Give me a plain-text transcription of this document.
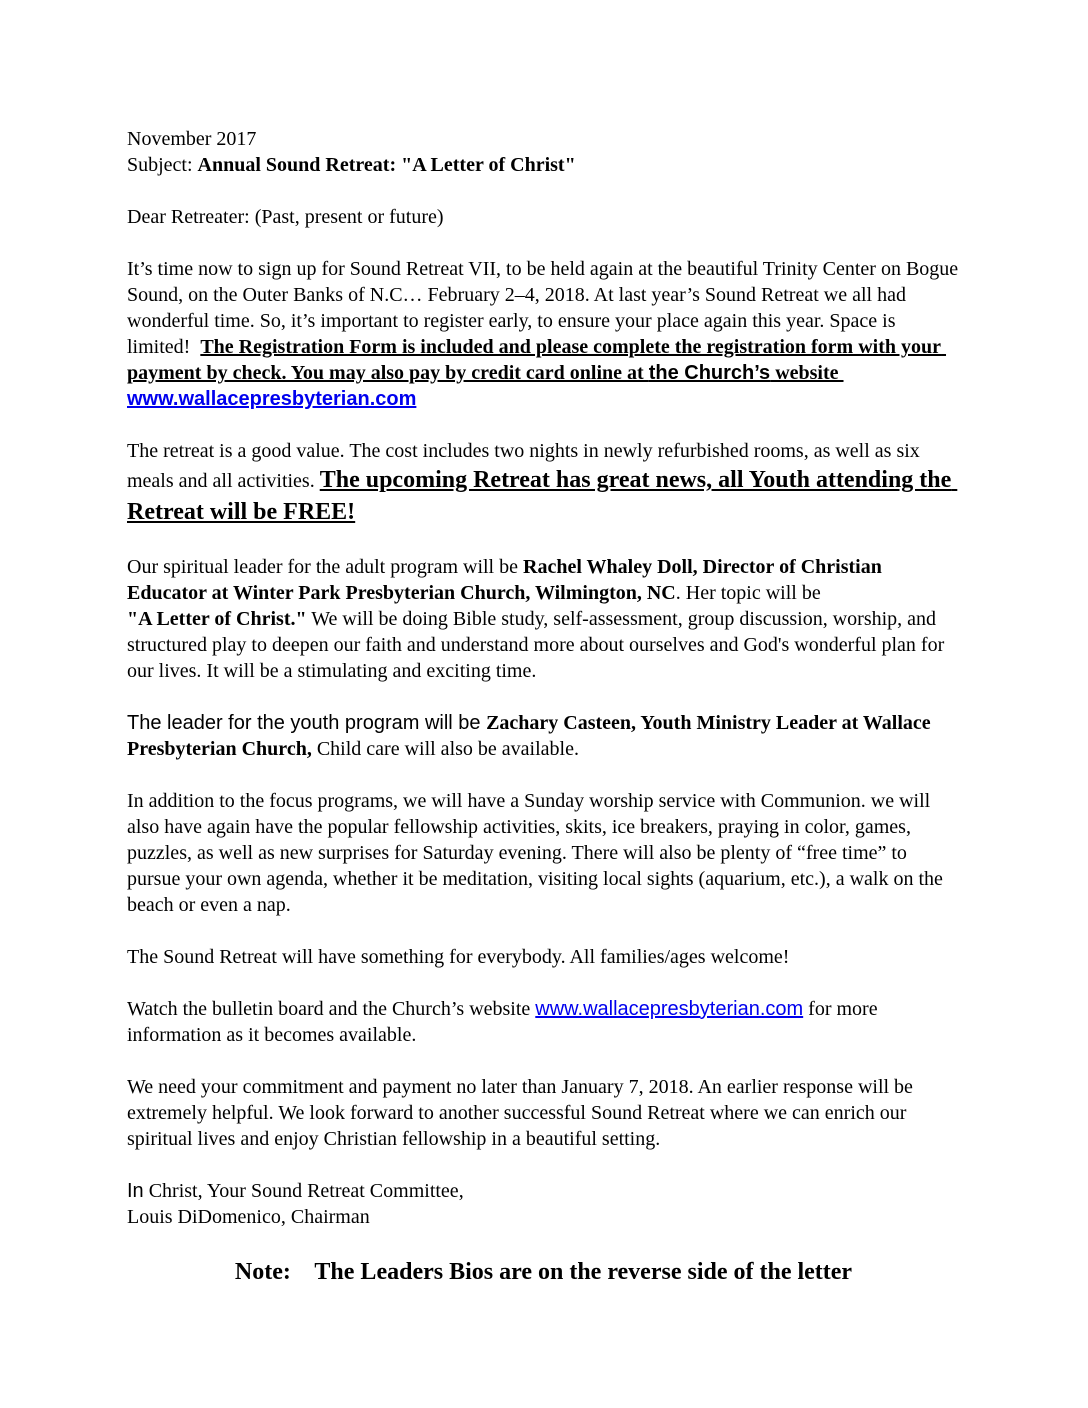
November 2017
Subject: Annual Sound Retreat: "A Letter of Christ"

Dear Retreater: (Past, present or future)

It’s time now to sign up for Sound Retreat VII, to be held again at the beautiful Trinity Center on Bogue Sound, on the Outer Banks of N.C… February 2–4, 2018. At last year’s Sound Retreat we all had wonderful time. So, it’s important to register early, to ensure your place again this year. Space is limited!  The Registration Form is included and please complete the registration form with your payment by check. You may also pay by credit card online at the Church’s website www.wallacepresbyterian.com

The retreat is a good value. The cost includes two nights in newly refurbished rooms, as well as six meals and all activities. The upcoming Retreat has great news, all Youth attending the Retreat will be FREE!

Our spiritual leader for the adult program will be Rachel Whaley Doll, Director of Christian Educator at Winter Park Presbyterian Church, Wilmington, NC. Her topic will be
"A Letter of Christ." We will be doing Bible study, self-assessment, group discussion, worship, and structured play to deepen our faith and understand more about ourselves and God's wonderful plan for our lives. It will be a stimulating and exciting time.

The leader for the youth program will be Zachary Casteen, Youth Ministry Leader at Wallace Presbyterian Church, Child care will also be available.

In addition to the focus programs, we will have a Sunday worship service with Communion. we will also have again have the popular fellowship activities, skits, ice breakers, praying in color, games, puzzles, as well as new surprises for Saturday evening. There will also be plenty of “free time” to pursue your own agenda, whether it be meditation, visiting local sights (aquarium, etc.), a walk on the beach or even a nap.

The Sound Retreat will have something for everybody. All families/ages welcome!

Watch the bulletin board and the Church’s website www.wallacepresbyterian.com for more information as it becomes available.

We need your commitment and payment no later than January 7, 2018. An earlier response will be extremely helpful. We look forward to another successful Sound Retreat where we can enrich our spiritual lives and enjoy Christian fellowship in a beautiful setting.

In Christ, Your Sound Retreat Committee,
Louis DiDomenico, Chairman

Note:    The Leaders Bios are on the reverse side of the letter
